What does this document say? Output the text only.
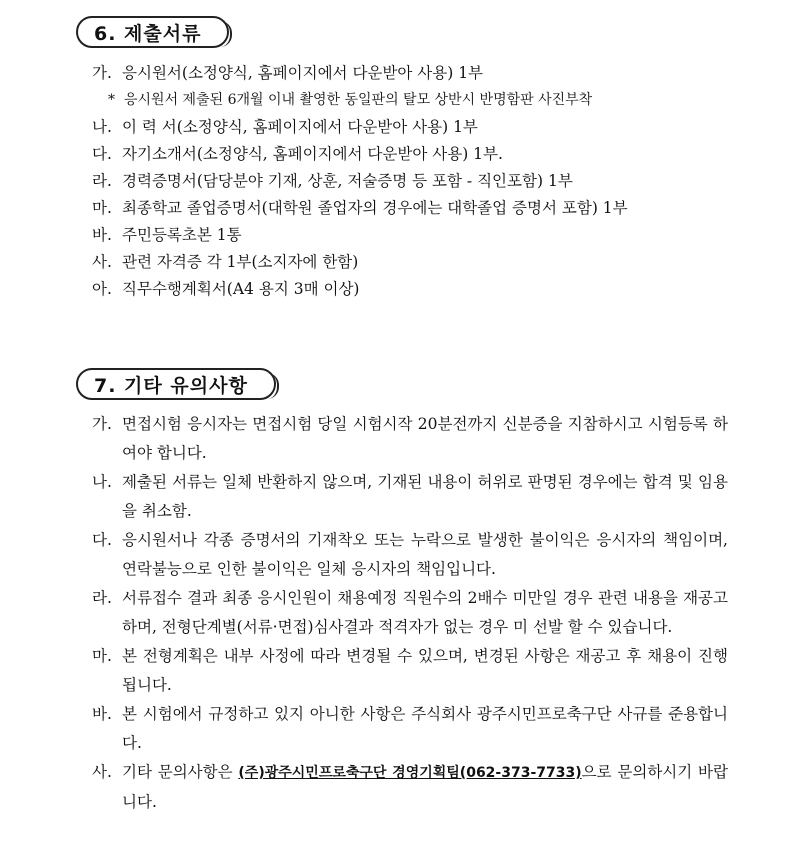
6. 제출서류
가. 응시원서(소정양식, 홈페이지에서 다운받아 사용) 1부
* 응시원서 제출된 6개월 이내 촬영한 동일판의 탈모 상반시 반명함판 사진부착
나. 이 력 서(소정양식, 홈페이지에서 다운받아 사용) 1부
다. 자기소개서(소정양식, 홈페이지에서 다운받아 사용) 1부.
라. 경력증명서(담당분야 기재, 상훈, 저술증명 등 포함 - 직인포함) 1부
마. 최종학교 졸업증명서(대학원 졸업자의 경우에는 대학졸업 증명서 포함) 1부
바. 주민등록초본 1통
사. 관련 자격증 각 1부(소지자에 한함)
아. 직무수행계획서(A4 용지 3매 이상)
7. 기타 유의사항
가. 면접시험 응시자는 면접시험 당일 시험시작 20분전까지 신분증을 지참하시고 시험등록 하여야 합니다.
나. 제출된 서류는 일체 반환하지 않으며, 기재된 내용이 허위로 판명된 경우에는 합격 및 임용을 취소함.
다. 응시원서나 각종 증명서의 기재착오 또는 누락으로 발생한 불이익은 응시자의 책임이며, 연락불능으로 인한 불이익은 일체 응시자의 책임입니다.
라. 서류접수 결과 최종 응시인원이 채용예정 직원수의 2배수 미만일 경우 관련 내용을 재공고 하며, 전형단계별(서류·면접)심사결과 적격자가 없는 경우 미 선발 할 수 있습니다.
마. 본 전형계획은 내부 사정에 따라 변경될 수 있으며, 변경된 사항은 재공고 후 채용이 진행됩니다.
바. 본 시험에서 규정하고 있지 아니한 사항은 주식회사 광주시민프로축구단 사규를 준용합니다.
사. 기타 문의사항은 (주)광주시민프로축구단 경영기획팀(062-373-7733)으로 문의하시기 바랍니다.
